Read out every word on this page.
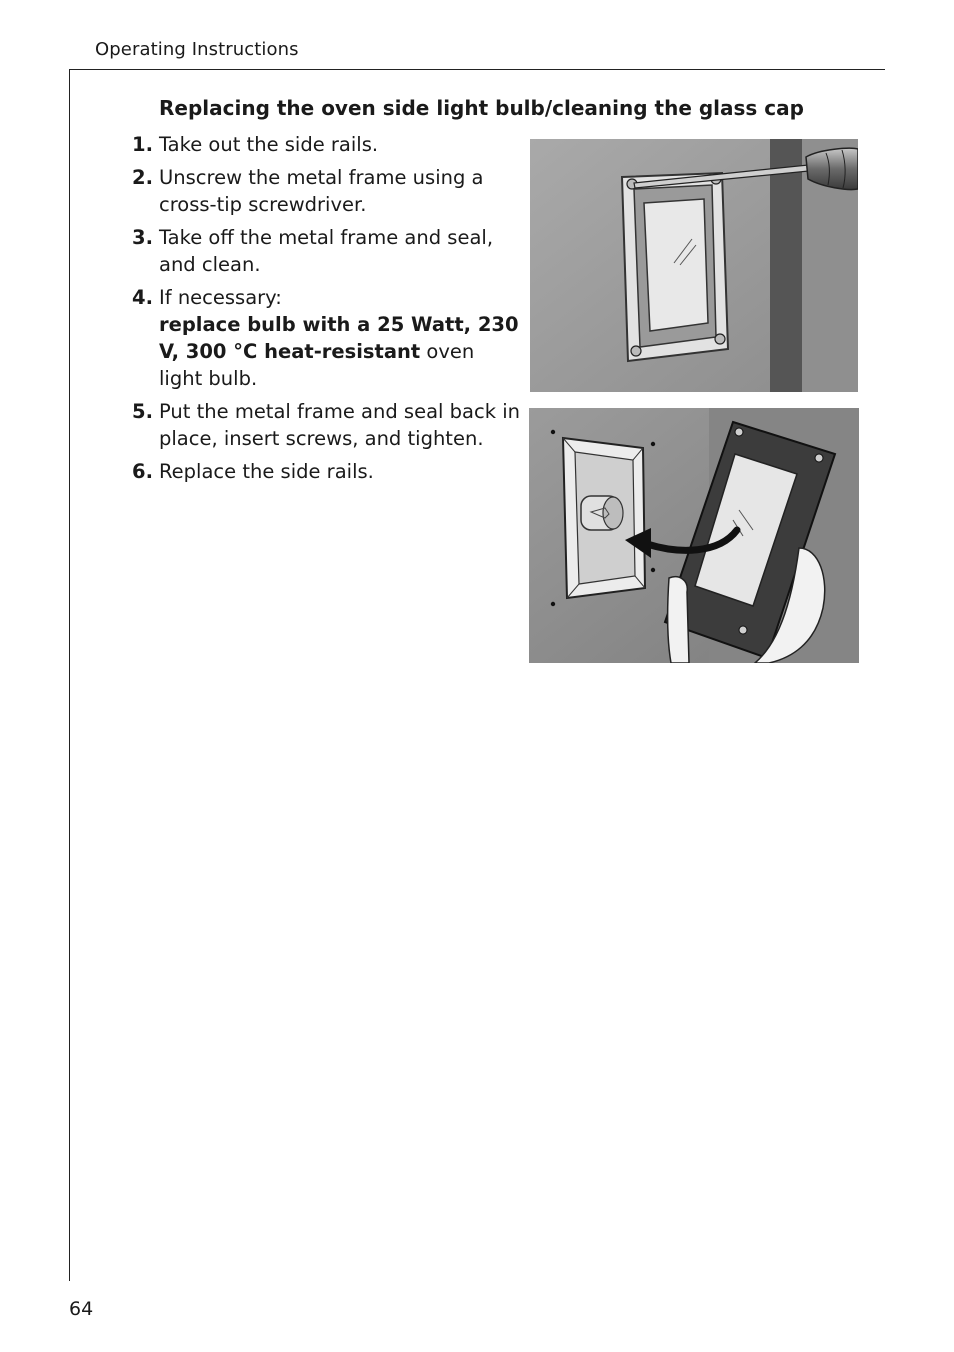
Operating Instructions
Replacing the oven side light bulb/cleaning the glass cap
1. Take out the side rails.
2. Unscrew the metal frame using a cross-tip screwdriver.
3. Take off the metal frame and seal, and clean.
4. If necessary:
replace bulb with a 25 Watt, 230 V, 300 °C heat-resistant oven light bulb.
5. Put the metal frame and seal back in place, insert screws, and tighten.
6. Replace the side rails.
64
